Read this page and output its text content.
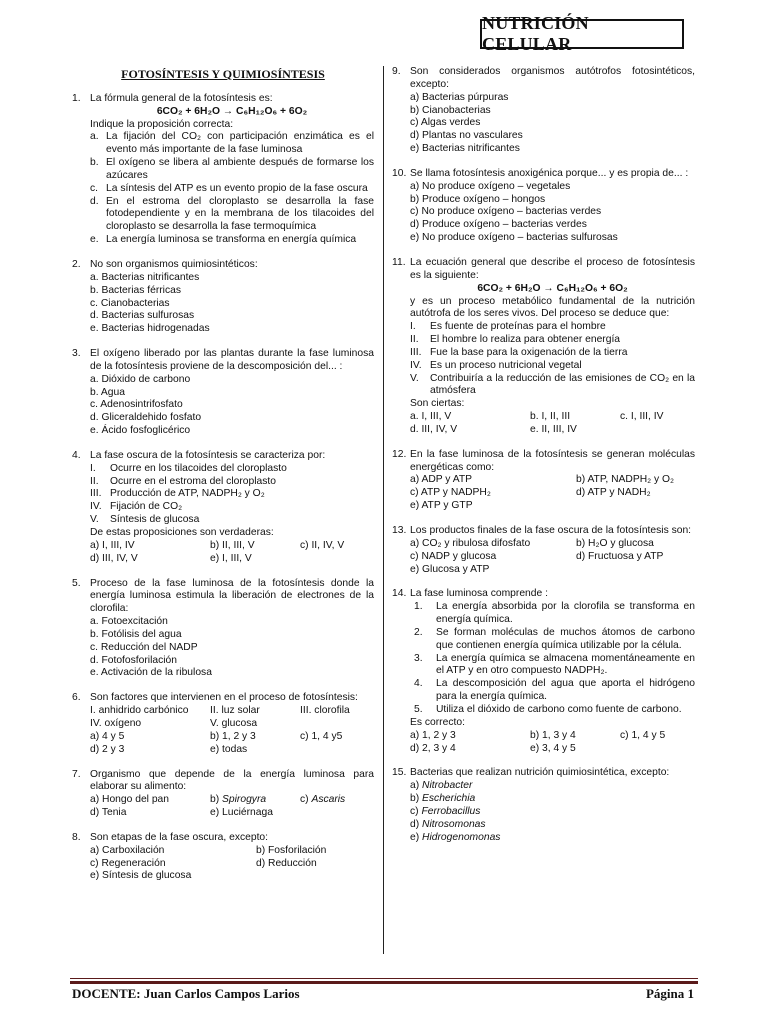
NUTRICIÓN CELULAR
FOTOSÍNTESIS Y QUIMIOSÍNTESIS
1. La fórmula general de la fotosíntesis es:
6CO₂ + 6H₂O → C₆H₁₂O₆ + 6O₂
Indique la proposición correcta:
a. La fijación del CO₂ con participación enzimática es el evento más importante de la fase luminosa
b. El oxígeno se libera al ambiente después de formarse los azúcares
c. La síntesis del ATP es un evento propio de la fase oscura
d. En el estroma del cloroplasto se desarrolla la fase fotodependiente y en la membrana de los tilacoides del cloroplasto se desarrolla la fase termoquímica
e. La energía luminosa se transforma en energía química
2. No son organismos quimiosintéticos:
a. Bacterias nitrificantes
b. Bacterias férricas
c. Cianobacterias
d. Bacterias sulfurosas
e. Bacterias hidrogenadas
3. El oxígeno liberado por las plantas durante la fase luminosa de la fotosíntesis proviene de la descomposición del... :
a. Dióxido de carbono
b. Agua
c. Adenosintrifosfato
d. Gliceraldehido fosfato
e. Ácido fosfoglicérico
4. La fase oscura de la fotosíntesis se caracteriza por:
I.	Ocurre en los tilacoides del cloroplasto
II.	Ocurre en el estroma del cloroplasto
III. Producción de ATP, NADPH₂ y O₂
IV. Fijación de CO₂
V.	Síntesis de glucosa
De estas proposiciones son verdaderas:
a) I, III, IV	b) II, III, V	c) II, IV, V
d) III, IV, V	e) I, III, V
5. Proceso de la fase luminosa de la fotosíntesis donde la energía luminosa estimula la liberación de electrones de la clorofila:
a. Fotoexcitación
b. Fotólisis del agua
c. Reducción del NADP
d. Fotofosforilación
e. Activación de la ribulosa
6. Son factores que intervienen en el proceso de fotosíntesis:
I. anhidrido carbónico	II. luz solar	III. clorofila
IV. oxígeno	V. glucosa
a) 4 y 5	b) 1, 2 y 3	c) 1, 4 y5
d) 2 y 3	e) todas
7. Organismo que depende de la energía luminosa para elaborar su alimento:
a) Hongo del pan	b) Spirogyra	c) Ascaris
d) Tenia	e) Luciérnaga
8. Son etapas de la fase oscura, excepto:
a) Carboxilación	b) Fosforilación
c) Regeneración	d) Reducción
e) Síntesis de glucosa
9. Son considerados organismos autótrofos fotosintéticos, excepto:
a) Bacterias púrpuras
b) Cianobacterias
c) Algas verdes
d) Plantas no vasculares
e) Bacterias nitrificantes
10. Se llama fotosíntesis anoxigénica porque... y es propia de... :
a) No produce oxígeno – vegetales
b) Produce oxígeno – hongos
c) No produce oxígeno – bacterias verdes
d) Produce oxígeno – bacterias verdes
e) No produce oxígeno – bacterias sulfurosas
11. La ecuación general que describe el proceso de fotosíntesis es la siguiente:
6CO₂ + 6H₂O → C₆H₁₂O₆ + 6O₂
y es un proceso metabólico fundamental de la nutrición autótrofa de los seres vivos. Del proceso se deduce que:
I.	Es fuente de proteínas para el hombre
II.	El hombre lo realiza para obtener energía
III. Fue la base para la oxigenación de la tierra
IV. Es un proceso nutricional vegetal
V.	Contribuiría a la reducción de las emisiones de CO₂ en la atmósfera
Son ciertas:
a. I, III, V	b. I, II, III	c. I, III, IV
d. III, IV, V	e. II, III, IV
12. En la fase luminosa de la fotosíntesis se generan moléculas energéticas como:
a) ADP y ATP	b) ATP, NADPH₂ y O₂
c) ATP y NADPH₂	d) ATP y NADH₂
e) ATP y GTP
13. Los productos finales de la fase oscura de la fotosíntesis son:
a) CO₂ y ribulosa difosfato	b) H₂O y glucosa
c) NADP y glucosa	d) Fructuosa y ATP
e) Glucosa y ATP
14. La fase luminosa comprende :
1.	La energía absorbida por la clorofila se transforma en energía química.
2.	Se forman moléculas de muchos átomos de carbono que contienen energía química utilizable por la célula.
3.	La energía química se almacena momentáneamente en el ATP y en otro compuesto NADPH₂.
4.	La descomposición del agua que aporta el hidrógeno para la energía química.
5.	Utiliza el dióxido de carbono como fuente de carbono.
Es correcto:
a) 1, 2 y 3	b) 1, 3 y 4	c) 1, 4 y 5
d) 2, 3 y 4	e) 3, 4 y 5
15. Bacterias que realizan nutrición quimiosintética, excepto:
a) Nitrobacter
b) Escherichia
c) Ferrobacillus
d) Nitrosomonas
e) Hidrogenomonas
DOCENTE: Juan Carlos Campos Larios	Página 1
